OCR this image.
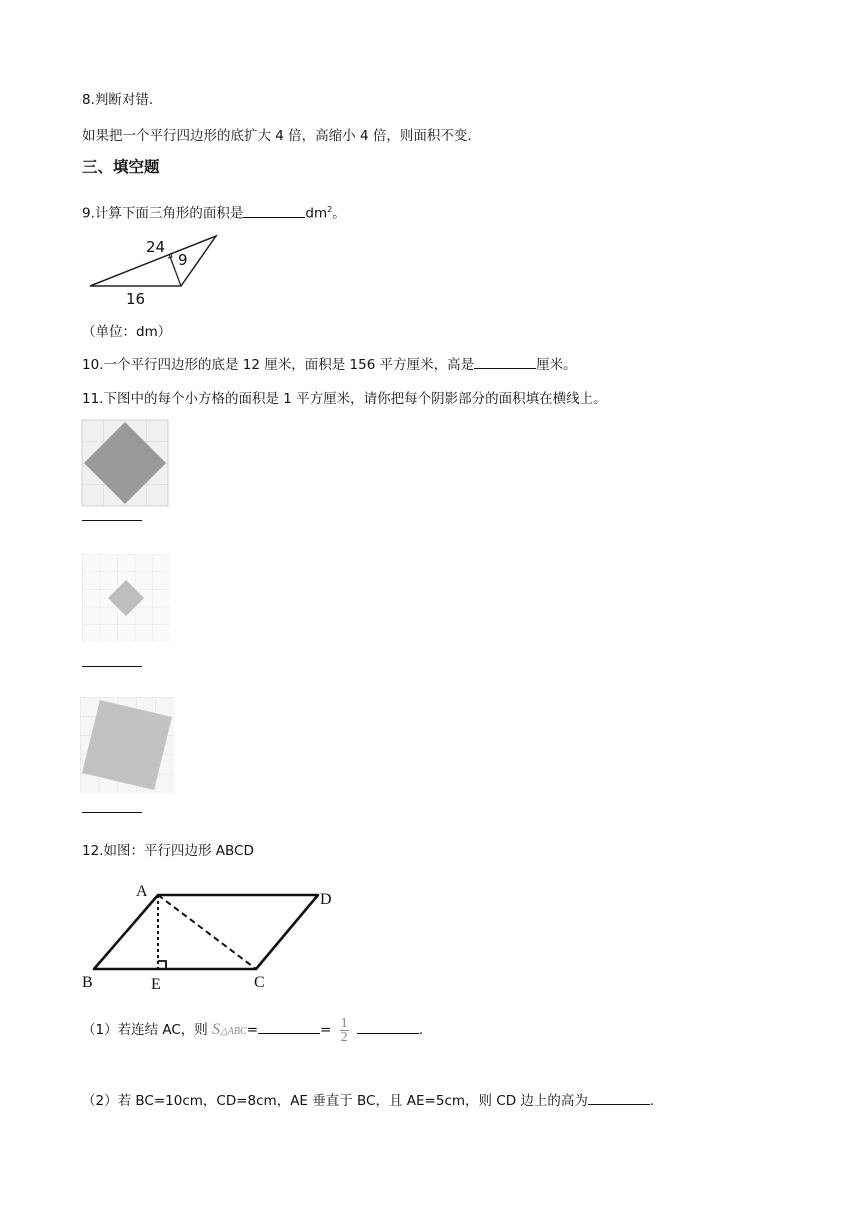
8.判断对错.
如果把一个平行四边形的底扩大 4 倍，高缩小 4 倍，则面积不变.
三、填空题
9.计算下面三角形的面积是	$dm^2$。
24
9
16
（单位：dm）
10.一个平行四边形的底是 12 厘米，面积是 156 平方厘米，高是	厘米。
11.下图中的每个小方格的面积是 1 平方厘米，请你把每个阴影部分的面积填在横线上。
12.如图：平行四边形 ABCD
A	D
B	E	C
（1）若连结 AC，则 S△ABC=	= $\frac{1}{2}$	.
（2）若 BC=10cm，CD=8cm，AE 垂直于 BC，且 AE=5cm，则 CD 边上的高为	.
